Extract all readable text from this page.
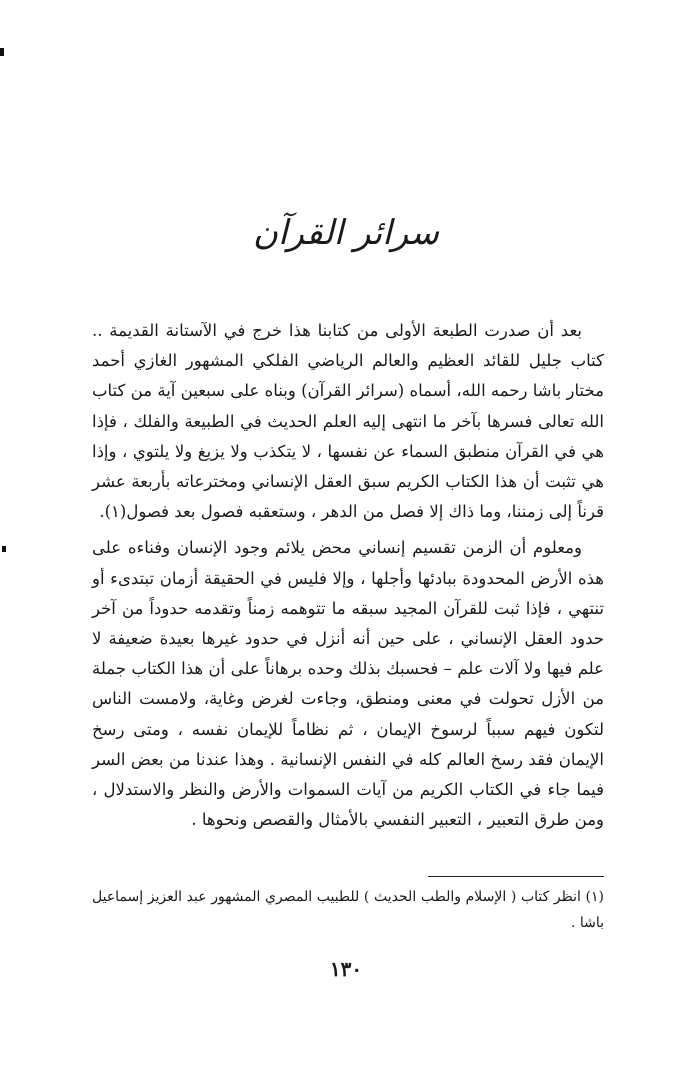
سرائر القرآن

بعد أن صدرت الطبعة الأولى من كتابنا هذا خرج في الآستانة القديمة .. كتاب جليل للقائد العظيم والعالم الرياضي الفلكي المشهور الغازي أحمد مختار باشا رحمه الله، أسماه (سرائر القرآن) وبناه على سبعين آية من كتاب الله تعالى فسرها بآخر ما انتهى إليه العلم الحديث في الطبيعة والفلك ، فإذا هي في القرآن منطبق السماء عن نفسها ، لا يتكذب ولا يزيغ ولا يلتوي ، وإذا هي تثبت أن هذا الكتاب الكريم سبق العقل الإنساني ومخترعاته بأربعة عشر قرناً إلى زمننا، وما ذاك إلا فصل من الدهر ، وستعقبه فصول بعد فصول(١).

ومعلوم أن الزمن تقسيم إنساني محض يلائم وجود الإنسان وفناءه على هذه الأرض المحدودة ببادئها وأجلها ، وإلا فليس في الحقيقة أزمان تبتدىء أو تنتهي ، فإذا ثبت للقرآن المجيد سبقه ما تتوهمه زمناً وتقدمه حدوداً من آخر حدود العقل الإنساني ، على حين أنه أنزل في حدود غيرها بعيدة ضعيفة لا علم فيها ولا آلات علم – فحسبك بذلك وحده برهاناً على أن هذا الكتاب جملة من الأزل تحولت في معنى ومنطق، وجاءت لغرض وغاية، ولامست الناس لتكون فيهم سبباً لرسوخ الإيمان ، ثم نظاماً للإيمان نفسه ، ومتى رسخ الإيمان فقد رسخ العالم كله في النفس الإنسانية . وهذا عندنا من بعض السر فيما جاء في الكتاب الكريم من آيات السموات والأرض والنظر والاستدلال ، ومن طرق التعبير ، التعبير النفسي بالأمثال والقصص ونحوها .

(١) انظر كتاب ( الإسلام والطب الحديث ) للطبيب المصري المشهور عبد العزيز إسماعيل باشا .
١٣٠
